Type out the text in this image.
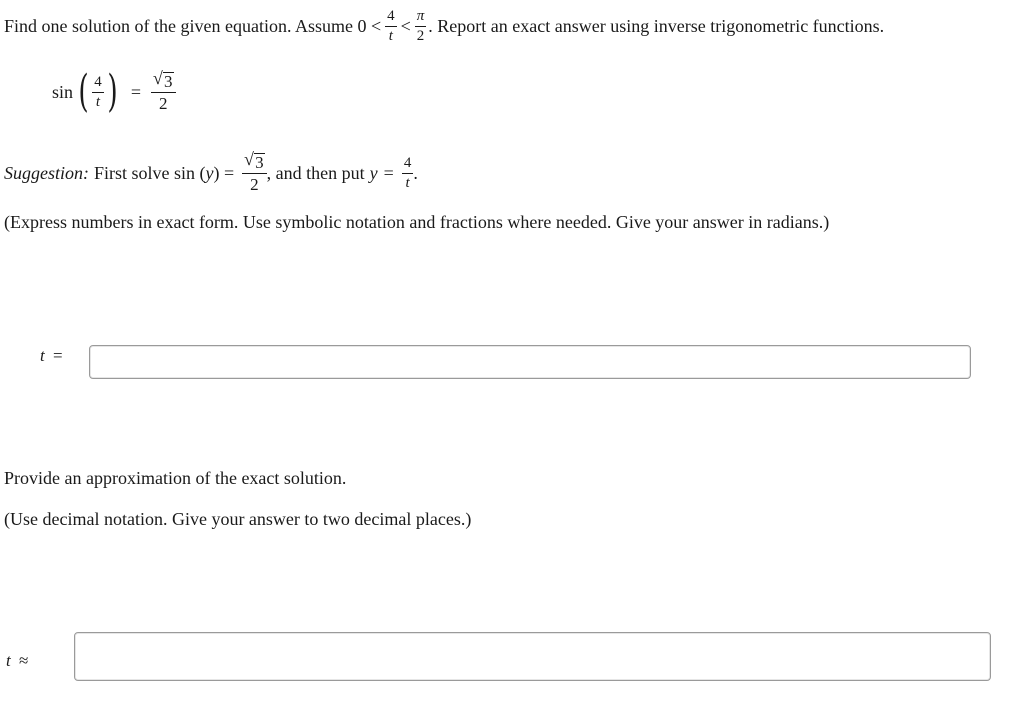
Find one solution of the given equation. Assume $0 < \frac{4}{t} < \frac{\pi}{2}$ . Report an exact answer using inverse trigonometric functions.
sin ( $\frac{4}{t}$ ) = $\frac{√ 3}{2}$
Suggestion: First solve sin ( y ) = $\frac{√ 3}{2}$ , and then put $y = \frac{4}{t}$ .
(Express numbers in exact form. Use symbolic notation and fractions where needed. Give your answer in radians.)
t =
Provide an approximation of the exact solution.
(Use decimal notation. Give your answer to two decimal places.)
t ≈
